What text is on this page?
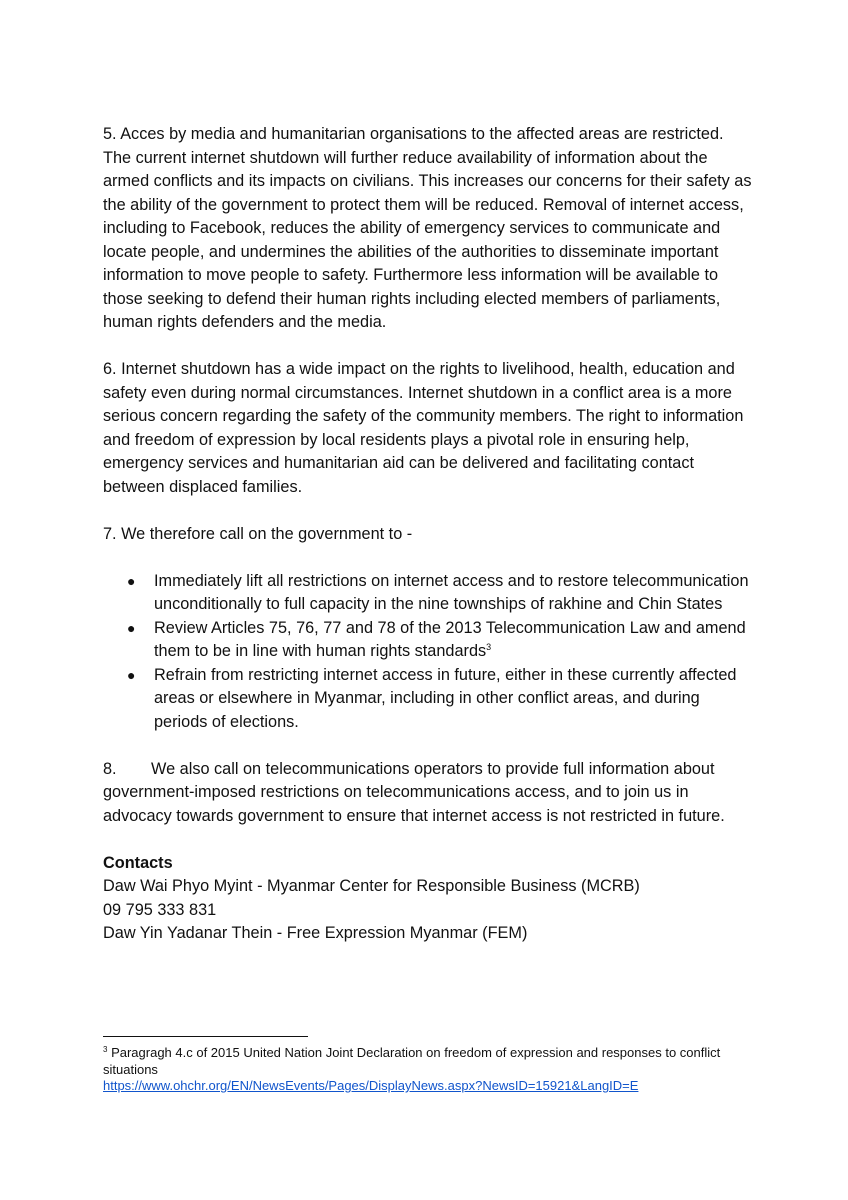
5. Acces by media and humanitarian organisations to the affected areas are restricted. The current internet shutdown will further reduce availability of information about the armed conflicts and its impacts on civilians. This increases our concerns for their safety as the ability of the government to protect them will be reduced. Removal of internet access, including to Facebook, reduces the ability of emergency services to communicate and locate people, and undermines the abilities of the authorities to disseminate important information to move people to safety. Furthermore less information will be available to those seeking to defend their human rights including elected members of parliaments, human rights defenders and the media.

6. Internet shutdown has a wide impact on the rights to livelihood, health, education and safety even during normal circumstances. Internet shutdown in a conflict area is a more serious concern regarding the safety of the community members. The right to information and freedom of expression by local residents plays a pivotal role in ensuring help, emergency services and humanitarian aid can be delivered and facilitating contact between displaced families.

7. We therefore call on the government to -

● Immediately lift all restrictions on internet access and to restore telecommunication unconditionally to full capacity in the nine townships of rakhine and Chin States
● Review Articles 75, 76, 77 and 78 of the 2013 Telecommunication Law and amend them to be in line with human rights standards$^3$
● Refrain from restricting internet access in future, either in these currently affected areas or elsewhere in Myanmar, including in other conflict areas, and during periods of elections.

8. We also call on telecommunications operators to provide full information about government-imposed restrictions on telecommunications access, and to join us in advocacy towards government to ensure that internet access is not restricted in future.

Contacts
Daw Wai Phyo Myint - Myanmar Center for Responsible Business (MCRB)
09 795 333 831
Daw Yin Yadanar Thein - Free Expression Myanmar (FEM)
$^3$ Paragragh 4.c of 2015 United Nation Joint Declaration on freedom of expression and responses to conflict situations
https://www.ohchr.org/EN/NewsEvents/Pages/DisplayNews.aspx?NewsID=15921&LangID=E
